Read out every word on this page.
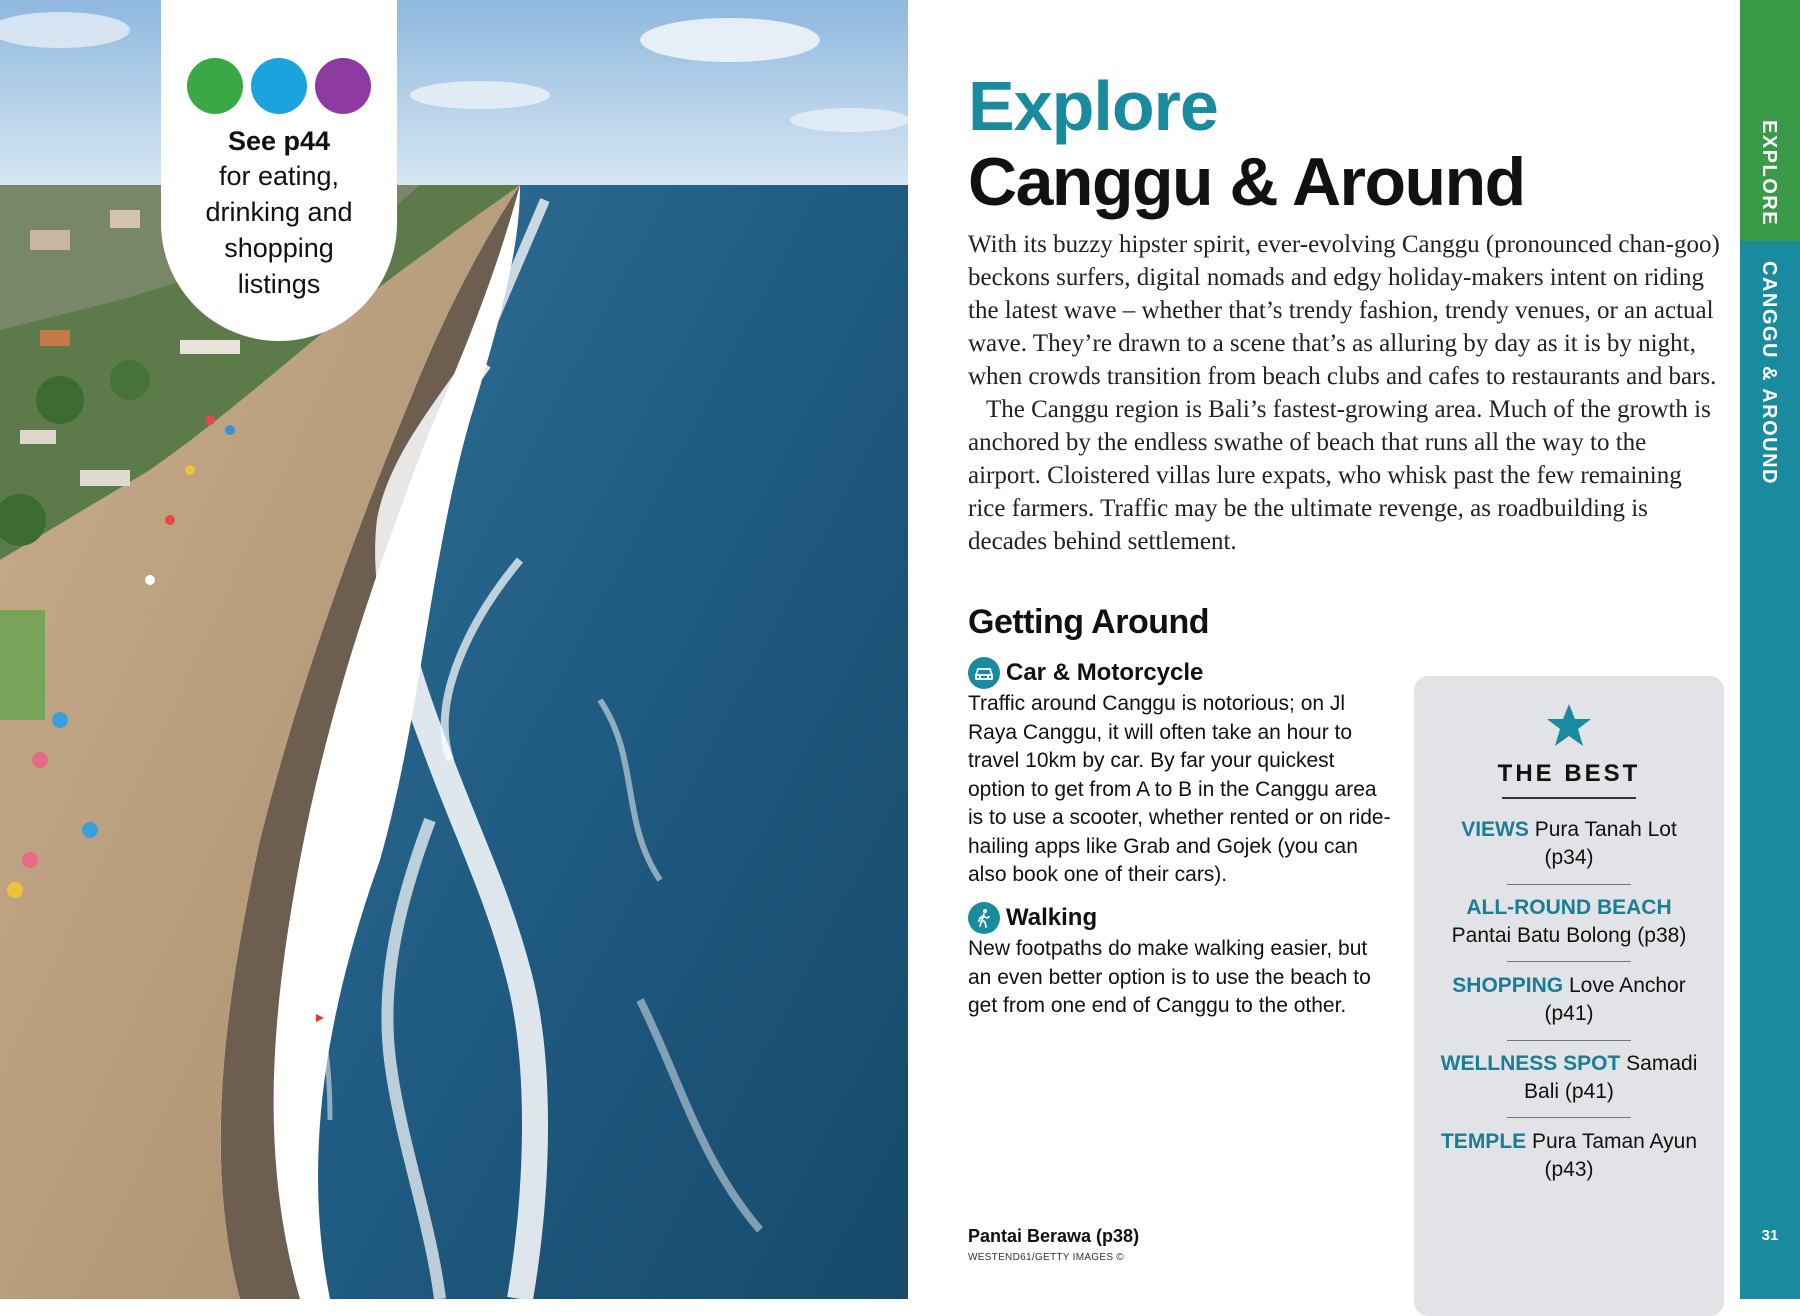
See p44
for eating, drinking and shopping listings
Explore
Canggu & Around

With its buzzy hipster spirit, ever-evolving Canggu (pronounced chan-goo) beckons surfers, digital nomads and edgy holiday-makers intent on riding the latest wave – whether that’s trendy fashion, trendy venues, or an actual wave. They’re drawn to a scene that’s as alluring by day as it is by night, when crowds transition from beach clubs and cafes to restaurants and bars.

The Canggu region is Bali’s fastest-growing area. Much of the growth is anchored by the endless swathe of beach that runs all the way to the airport. Cloistered villas lure expats, who whisk past the few remaining rice farmers. Traffic may be the ultimate revenge, as roadbuilding is decades behind settlement.

Getting Around
Car & Motorcycle

Traffic around Canggu is notorious; on Jl Raya Canggu, it will often take an hour to travel 10km by car. By far your quickest option to get from A to B in the Canggu area is to use a scooter, whether rented or on ride-hailing apps like Grab and Gojek (you can also book one of their cars).

Walking

New footpaths do make walking easier, but an even better option is to use the beach to get from one end of Canggu to the other.

Pantai Berawa (p38)
WESTEND61/GETTY IMAGES ©
THE BEST
VIEWS Pura Tanah Lot (p34)
ALL-ROUND BEACH Pantai Batu Bolong (p38)
SHOPPING Love Anchor (p41)
WELLNESS SPOT Samadi Bali (p41)
TEMPLE Pura Taman Ayun (p43)
EXPLORE
CANGGU & AROUND
31
